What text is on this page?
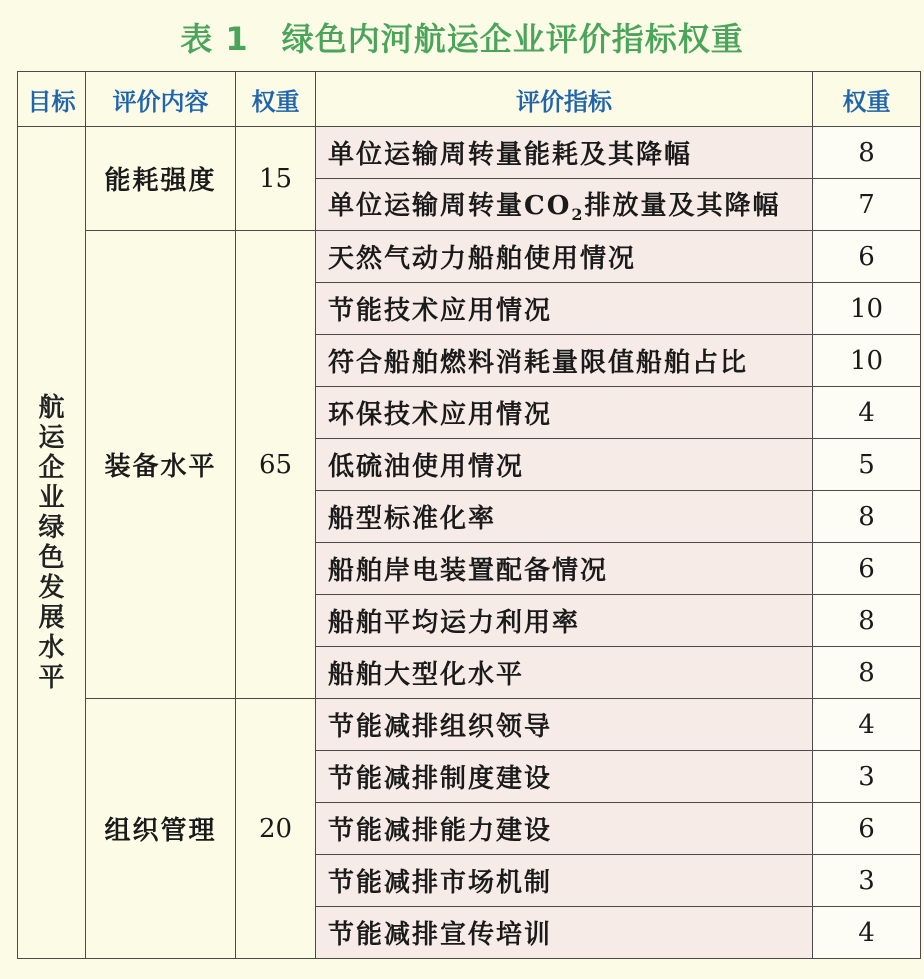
表 1　绿色内河航运企业评价指标权重
目标	评价内容	权重	评价指标	权重
航运企业绿色发展水平	能耗强度	15	单位运输周转量能耗及其降幅	8
			单位运输周转量$CO_2$排放量及其降幅	7
	装备水平	65	天然气动力船舶使用情况	6
			节能技术应用情况	10
			符合船舶燃料消耗量限值船舶占比	10
			环保技术应用情况	4
			低硫油使用情况	5
			船型标准化率	8
			船舶岸电装置配备情况	6
			船舶平均运力利用率	8
			船舶大型化水平	8
	组织管理	20	节能减排组织领导	4
			节能减排制度建设	3
			节能减排能力建设	6
			节能减排市场机制	3
			节能减排宣传培训	4
